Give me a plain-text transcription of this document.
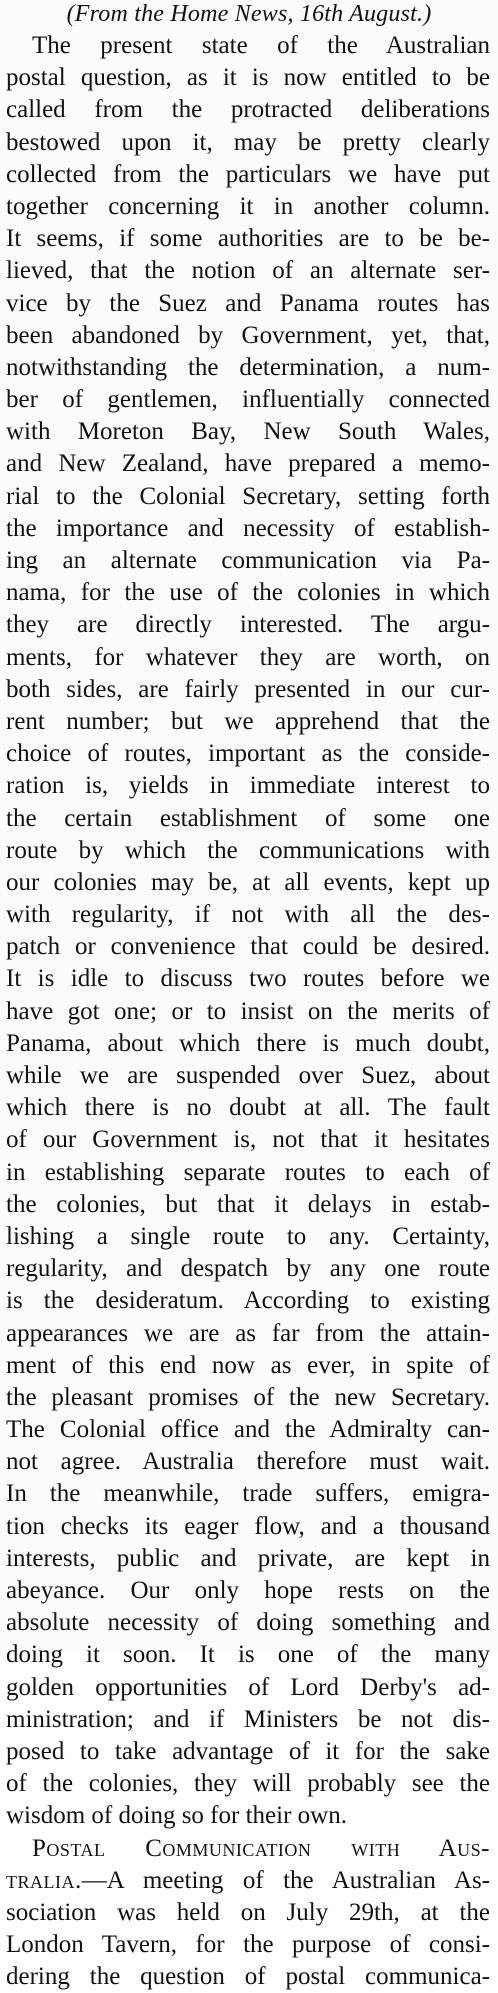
(From the Home News, 16th August.)
The present state of the Australian
postal question, as it is now entitled to be
called from the protracted deliberations
bestowed upon it, may be pretty clearly
collected from the particulars we have put
together concerning it in another column.
It seems, if some authorities are to be be-
lieved, that the notion of an alternate ser-
vice by the Suez and Panama routes has
been abandoned by Government, yet, that,
notwithstanding the determination, a num-
ber of gentlemen, influentially connected
with Moreton Bay, New South Wales,
and New Zealand, have prepared a memo-
rial to the Colonial Secretary, setting forth
the importance and necessity of establish-
ing an alternate communication via Pa-
nama, for the use of the colonies in which
they are directly interested. The argu-
ments, for whatever they are worth, on
both sides, are fairly presented in our cur-
rent number; but we apprehend that the
choice of routes, important as the conside-
ration is, yields in immediate interest to
the certain establishment of some one
route by which the communications with
our colonies may be, at all events, kept up
with regularity, if not with all the des-
patch or convenience that could be desired.
It is idle to discuss two routes before we
have got one; or to insist on the merits of
Panama, about which there is much doubt,
while we are suspended over Suez, about
which there is no doubt at all. The fault
of our Government is, not that it hesitates
in establishing separate routes to each of
the colonies, but that it delays in estab-
lishing a single route to any. Certainty,
regularity, and despatch by any one route
is the desideratum. According to existing
appearances we are as far from the attain-
ment of this end now as ever, in spite of
the pleasant promises of the new Secretary.
The Colonial office and the Admiralty can-
not agree. Australia therefore must wait.
In the meanwhile, trade suffers, emigra-
tion checks its eager flow, and a thousand
interests, public and private, are kept in
abeyance. Our only hope rests on the
absolute necessity of doing something and
doing it soon. It is one of the many
golden opportunities of Lord Derby's ad-
ministration; and if Ministers be not dis-
posed to take advantage of it for the sake
of the colonies, they will probably see the
wisdom of doing so for their own.
Postal Communication with Aus-
tralia.—A meeting of the Australian As-
sociation was held on July 29th, at the
London Tavern, for the purpose of consi-
dering the question of postal communica-
